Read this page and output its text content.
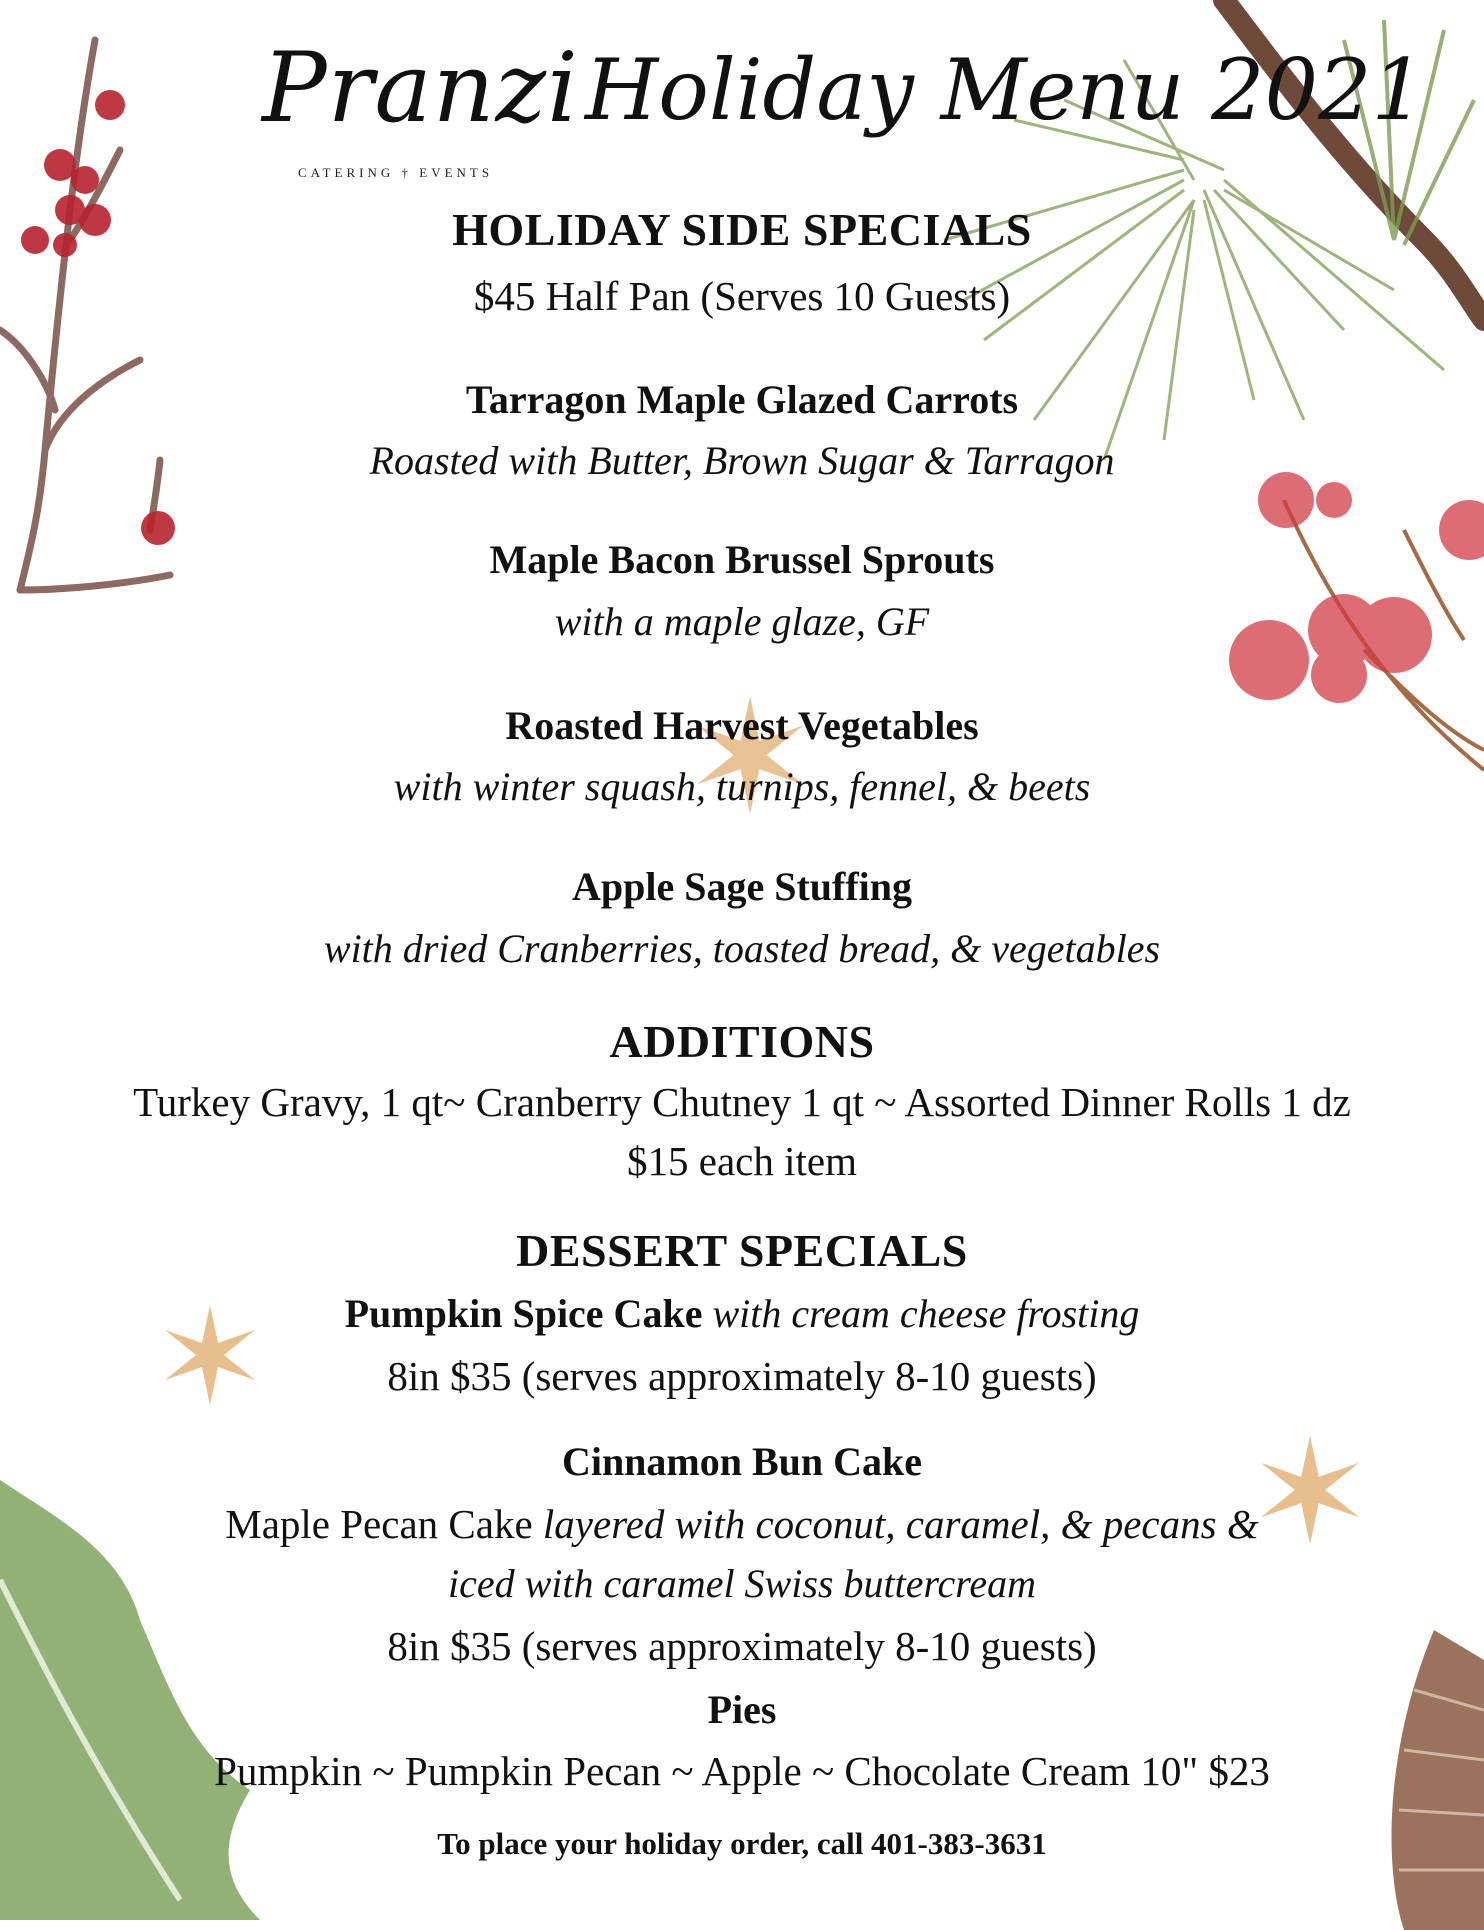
Pranzi
CATERING † EVENTS
Holiday Menu 2021
HOLIDAY SIDE SPECIALS
$45 Half Pan (Serves 10 Guests)
Tarragon Maple Glazed Carrots
Roasted with Butter, Brown Sugar & Tarragon
Maple Bacon Brussel Sprouts
with a maple glaze, GF
Roasted Harvest Vegetables
with winter squash, turnips, fennel, & beets
Apple Sage Stuffing
with dried Cranberries, toasted bread, & vegetables
ADDITIONS
Turkey Gravy, 1 qt~ Cranberry Chutney 1 qt ~ Assorted Dinner Rolls 1 dz
$15 each item
DESSERT SPECIALS
Pumpkin Spice Cake with cream cheese frosting
8in $35 (serves approximately 8-10 guests)
Cinnamon Bun Cake
Maple Pecan Cake layered with coconut, caramel, & pecans &
iced with caramel Swiss buttercream
8in $35 (serves approximately 8-10 guests)
Pies
Pumpkin ~ Pumpkin Pecan ~ Apple ~ Chocolate Cream 10" $23
To place your holiday order, call 401-383-3631
